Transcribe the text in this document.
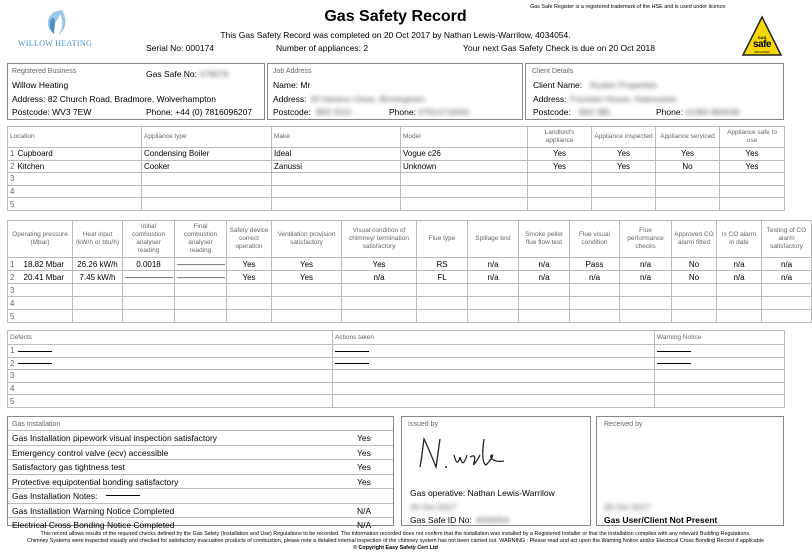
WILLOW HEATING
Gas Safety Record
This Gas Safety Record was completed on 20 Oct 2017 by Nathan Lewis-Warrilow, 4034054.
Serial No: 000174	Number of appliances: 2	Your next Gas Safety Check is due on 20 Oct 2018
Gas Safe Register is a registered trademark of the HSE and is used under licence
GAS
safe
REGISTER
Registered Business	Gas Safe No: 578079
Willow Heating
Address: 82 Church Road, Bradmore, Wolverhampton
Postcode: WV3 7EW	Phone: +44 (0) 7816096207
Job Address
Name: Mr
Address: 20 Havens Close, Birmingham
Postcode: B63 3GG	Phone: 07814718341
Client Details
Client Name: Ruskin Properties
Address: Fountain House, Halesowen
Postcode: B63 3BL	Phone: 01384 884036
Location		Appliance type	Make	Model	Landlord's appliance	Appliance inspected	Appliance serviced	Appliance safe to use
1	Cupboard	Condensing Boiler	Ideal	Vogue c26	Yes	Yes	Yes	Yes
2	Kitchen	Cooker	Zanussi	Unknown	Yes	Yes	No	Yes
3								
4								
5								
Operating pressure (Mbar)		Heat input (kW/h or btu/h)	Initial combustion analyser reading	Final combustion analyser reading	Safety device correct operation	Ventilation provision satisfactory	Visual condition of chimney/ termination satisfactory	Flue type	Spillage test	Smoke pellet flue flow test	Flue visual condition	Flue performance checks	Approved CO alarm fitted	Is CO alarm in date	Testing of CO alarm satisfactory
1	18.82 Mbar	26.26 kW/h	0.0018	——————	Yes	Yes	Yes	RS	n/a	n/a	Pass	n/a	No	n/a	n/a
2	20.41 Mbar	7.45 kW/h	——————	——————	Yes	Yes	n/a	FL	n/a	n/a	n/a	n/a	No	n/a	n/a
3															
4															
5															
Defects		Actions taken	Warning Notice
1			
2			
3			
4			
5			
Gas Installation
Gas Installation pipework visual inspection satisfactory	Yes
Emergency control valve (ecv) accessible	Yes
Satisfactory gas tightness test	Yes
Protective equipotential bonding satisfactory	Yes
Gas Installation Notes:
Gas Installation Warning Notice Completed	N/A
Electrical Cross Bonding Notice Completed	N/A
Issued by
Gas operative: Nathan Lewis-Warrilow
20 Oct 2017
Gas Safe ID No: 4034054
Received by
20 Oct 2017
Gas User/Client Not Present
This record allows results of the required checks defined by the Gas Safety (Installation and Use) Regulations to be recorded. The information recorded does not confirm that the installation was installed by a Registered Installer or that the installation complies with any relevant Building Regulations.
Chimney Systems were inspected visually and checked for satisfactory evacuation products of combustion, please note a detailed internal inspection of the chimney system has not been carried out. WARNING : Please read and act upon the Warning Notice and/or Electrical Cross Bonding Record if applicable
© Copyright Easy Safety Cert Ltd
